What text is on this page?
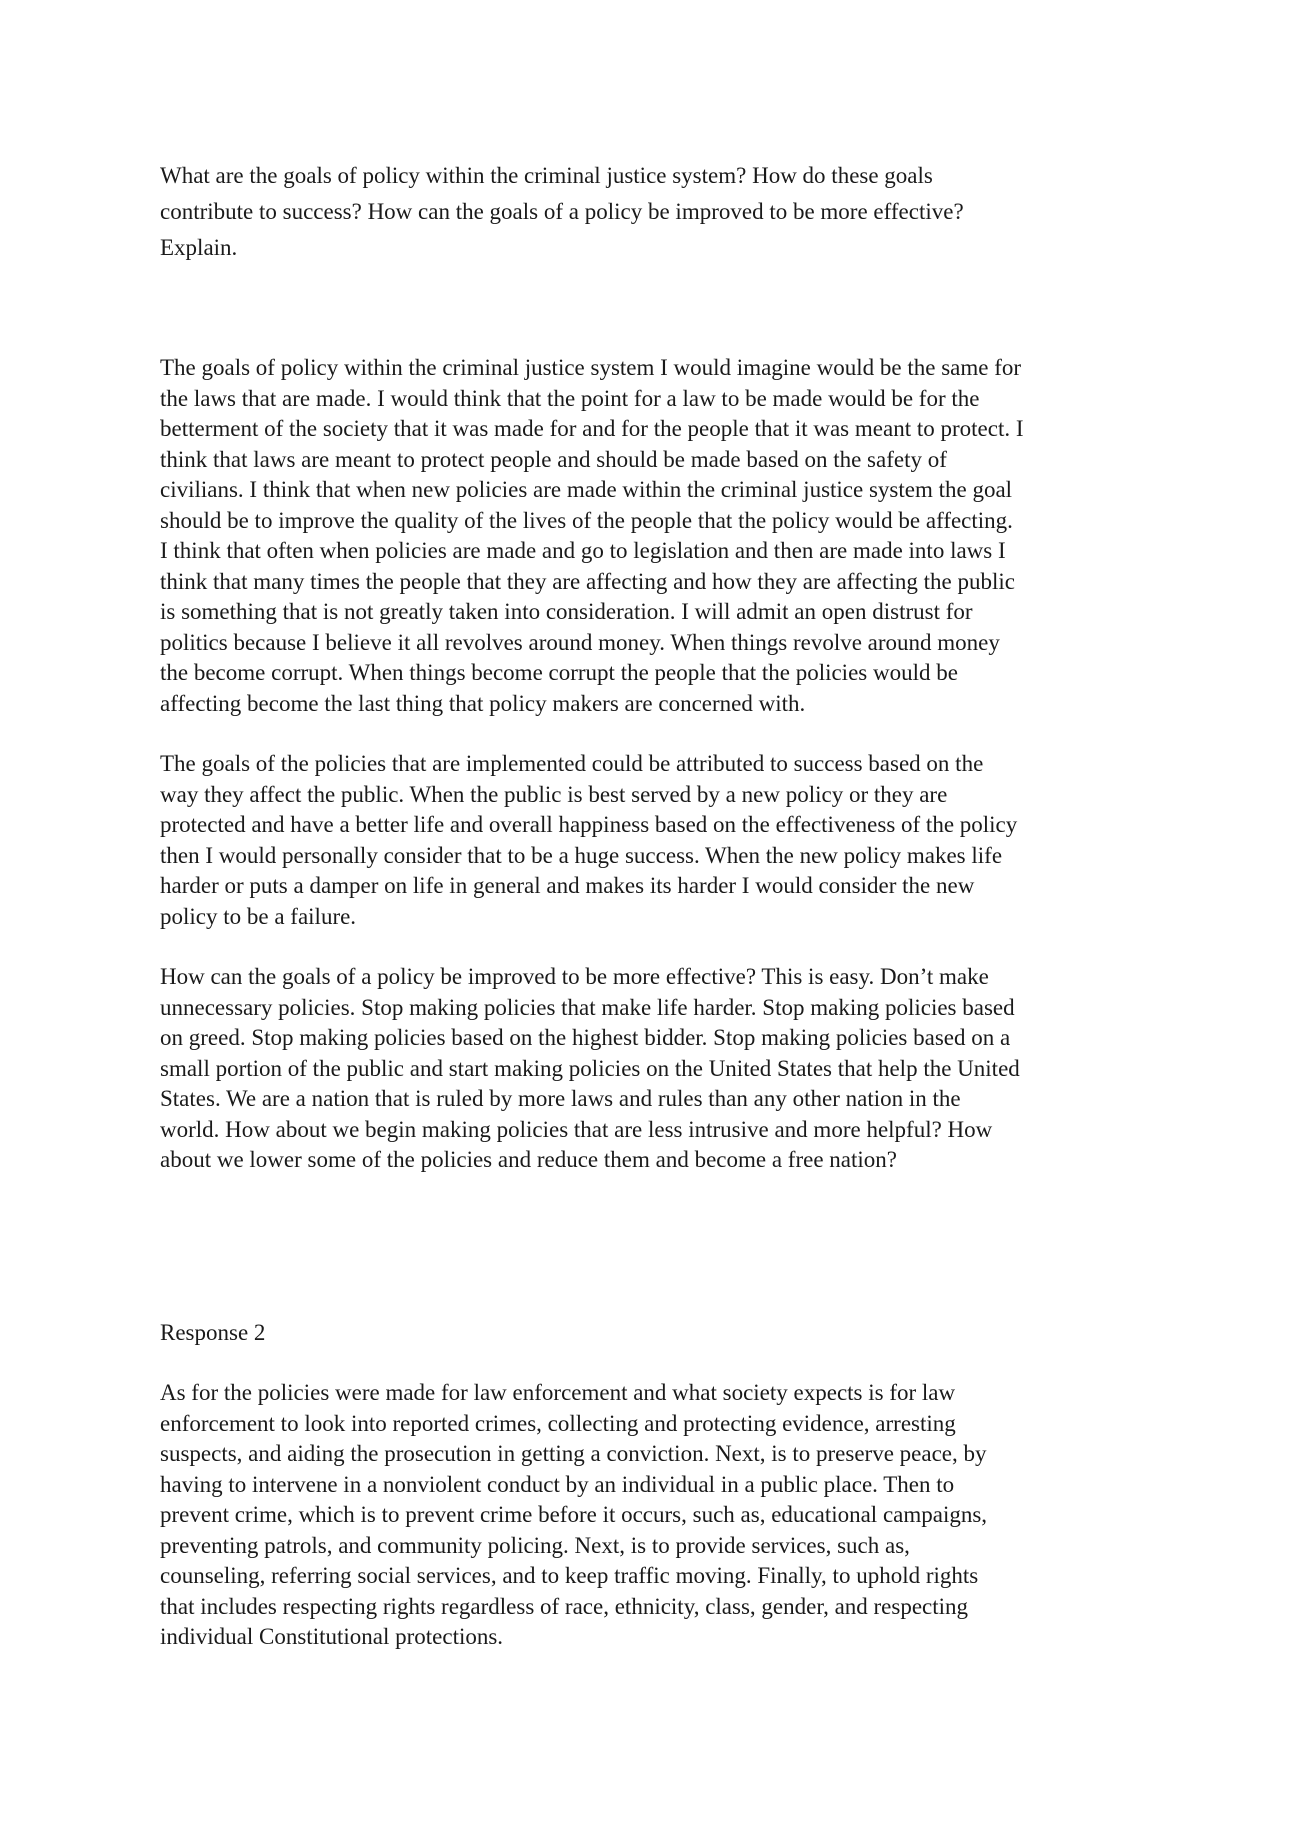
What are the goals of policy within the criminal justice system? How do these goals
contribute to success? How can the goals of a policy be improved to be more effective?
Explain.

The goals of policy within the criminal justice system I would imagine would be the same for
the laws that are made. I would think that the point for a law to be made would be for the
betterment of the society that it was made for and for the people that it was meant to protect. I
think that laws are meant to protect people and should be made based on the safety of
civilians. I think that when new policies are made within the criminal justice system the goal
should be to improve the quality of the lives of the people that the policy would be affecting.
I think that often when policies are made and go to legislation and then are made into laws I
think that many times the people that they are affecting and how they are affecting the public
is something that is not greatly taken into consideration. I will admit an open distrust for
politics because I believe it all revolves around money. When things revolve around money
the become corrupt. When things become corrupt the people that the policies would be
affecting become the last thing that policy makers are concerned with.

The goals of the policies that are implemented could be attributed to success based on the
way they affect the public. When the public is best served by a new policy or they are
protected and have a better life and overall happiness based on the effectiveness of the policy
then I would personally consider that to be a huge success. When the new policy makes life
harder or puts a damper on life in general and makes its harder I would consider the new
policy to be a failure.

How can the goals of a policy be improved to be more effective? This is easy. Don’t make
unnecessary policies. Stop making policies that make life harder. Stop making policies based
on greed. Stop making policies based on the highest bidder. Stop making policies based on a
small portion of the public and start making policies on the United States that help the United
States. We are a nation that is ruled by more laws and rules than any other nation in the
world. How about we begin making policies that are less intrusive and more helpful? How
about we lower some of the policies and reduce them and become a free nation?

Response 2

As for the policies were made for law enforcement and what society expects is for law
enforcement to look into reported crimes, collecting and protecting evidence, arresting
suspects, and aiding the prosecution in getting a conviction. Next, is to preserve peace, by
having to intervene in a nonviolent conduct by an individual in a public place. Then to
prevent crime, which is to prevent crime before it occurs, such as, educational campaigns,
preventing patrols, and community policing. Next, is to provide services, such as,
counseling, referring social services, and to keep traffic moving. Finally, to uphold rights
that includes respecting rights regardless of race, ethnicity, class, gender, and respecting
individual Constitutional protections.
